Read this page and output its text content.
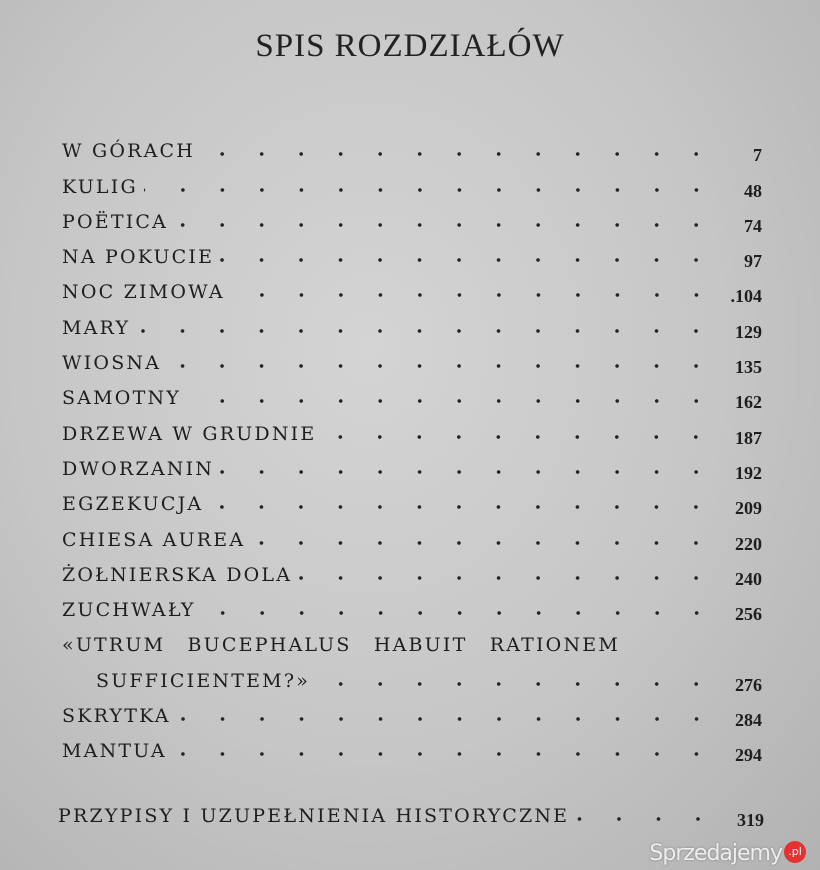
SPIS ROZDZIAŁÓW
W GÓRACH	7
KULIG	48
POËTICA	74
NA POKUCIE	97
NOC ZIMOWA	.104
MARY	129
WIOSNA	135
SAMOTNY	162
DRZEWA W GRUDNIE	187
DWORZANIN	192
EGZEKUCJA	209
CHIESA AUREA	220
ŻOŁNIERSKA DOLA	240
ZUCHWAŁY	256
«UTRUM BUCEPHALUS HABUIT RATIONEM
SUFFICIENTEM?»	276
SKRYTKA	284
MANTUA	294
PRZYPISY I UZUPEŁNIENIA HISTORYCZNE	319
Sprzedajemy .pl
